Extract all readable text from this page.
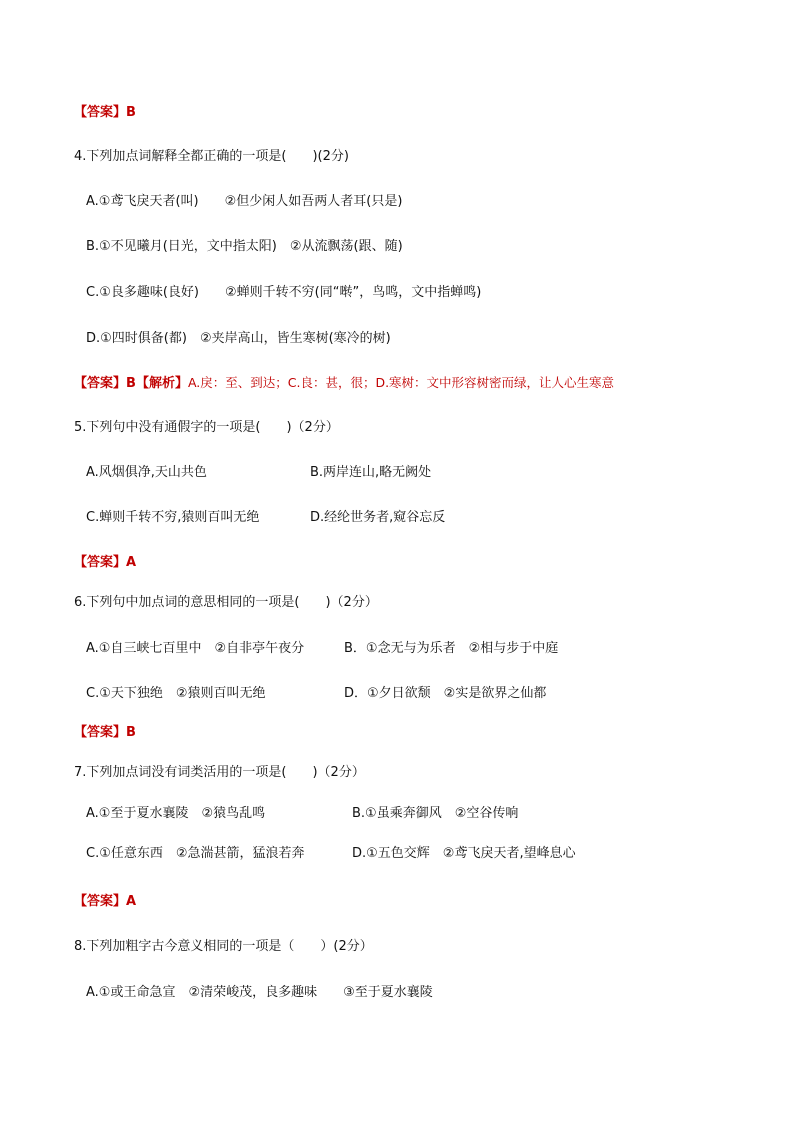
【答案】B
4.下列加点词解释全都正确的一项是(　　)(2分)
A.①鸢飞戾天者(叫)　　②但少闲人如吾两人者耳(只是)
B.①不见曦月(日光，文中指太阳)　②从流飘荡(跟、随)
C.①良多趣味(良好)　　②蝉则千转不穷(同“啭”，鸟鸣，文中指蝉鸣)
D.①四时俱备(都)　②夹岸高山，皆生寒树(寒冷的树)
【答案】B【解析】A.戾：至、到达；C.良：甚，很；D.寒树：文中形容树密而绿，让人心生寒意
5.下列句中没有通假字的一项是(　　)（2分）
A.风烟俱净,天山共色	B.两岸连山,略无阙处
C.蝉则千转不穷,猿则百叫无绝	D.经纶世务者,窥谷忘反
【答案】A
6.下列句中加点词的意思相同的一项是(　　)（2分）
A.①自三峡七百里中　②自非亭午夜分	B．①念无与为乐者　②相与步于中庭
C.①天下独绝　②猿则百叫无绝	D．①夕日欲颓　②实是欲界之仙都
【答案】B
7.下列加点词没有词类活用的一项是(　　)（2分）
A.①至于夏水襄陵　②猿鸟乱鸣	B.①虽乘奔御风　②空谷传响
C.①任意东西　②急湍甚箭，猛浪若奔	D.①五色交辉　②鸢飞戾天者,望峰息心
【答案】A
8.下列加粗字古今意义相同的一项是（　　）(2分）
A.①或王命急宣　②清荣峻茂，良多趣味　　③至于夏水襄陵
